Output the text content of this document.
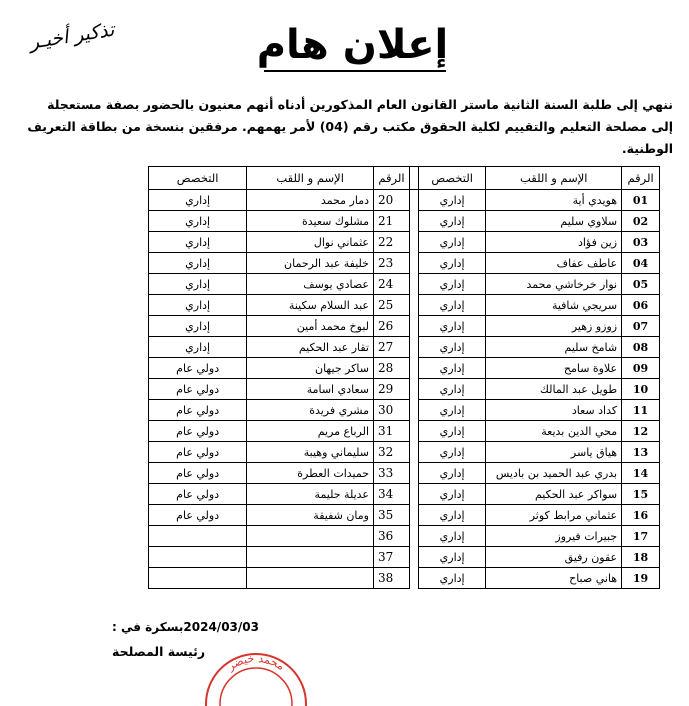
تذكير أخيـر	إعلان هام
ننهي إلى طلبة السنة الثانية ماستر القانون العام المذكورين أدناه أنهم معنيون بالحضور بصفة مستعجلة
إلى مصلحة التعليم والتقييم لكلية الحقوق مكتب رقم (04) لأمر يهمهم. مرفقين بنسخة من بطاقة التعريف الوطنية.
الرقم	الإسم و اللقب	التخصص		الرقم	الإسم و اللقب	التخصص
01	هويدي أية	إداري		20	دمار محمد	إداري
02	سلاوي سليم	إداري		21	مشلوك سعيدة	إداري
03	زين فؤاد	إداري		22	عثماني نوال	إداري
04	عاطف عفاف	إداري		23	خليفة عبد الرحمان	إداري
05	نوار خرخاشي محمد	إداري		24	عصادي يوسف	إداري
06	سريجي شافية	إداري		25	عبد السلام سكينة	إداري
07	زوزو زهير	إداري		26	لبوخ محمد أمين	إداري
08	شامخ سليم	إداري		27	تقار عبد الحكيم	إداري
09	علاوة سامح	إداري		28	ساكر جيهان	دولي عام
10	طويل عبد المالك	إداري		29	سعادي اسامة	دولي عام
11	كداد سعاد	إداري		30	مشري فريدة	دولي عام
12	محي الدين بديعة	إداري		31	الرباع مريم	دولي عام
13	هياق ياسر	إداري		32	سليماني وهيبة	دولي عام
14	بدري عبد الحميد بن باديس	إداري		33	حميدات العطرة	دولي عام
15	سواكر عبد الحكيم	إداري		34	عديلة حليمة	دولي عام
16	عثماني مرابط كوثر	إداري		35	ومان شفيقة	دولي عام
17	جبيرات فيروز	إداري		36		
18	عقون رفيق	إداري		37		
19	هاني صباح	إداري		38		
2024/03/03بسكرة في :
رئيسة المصلحة
محمد خيضر
